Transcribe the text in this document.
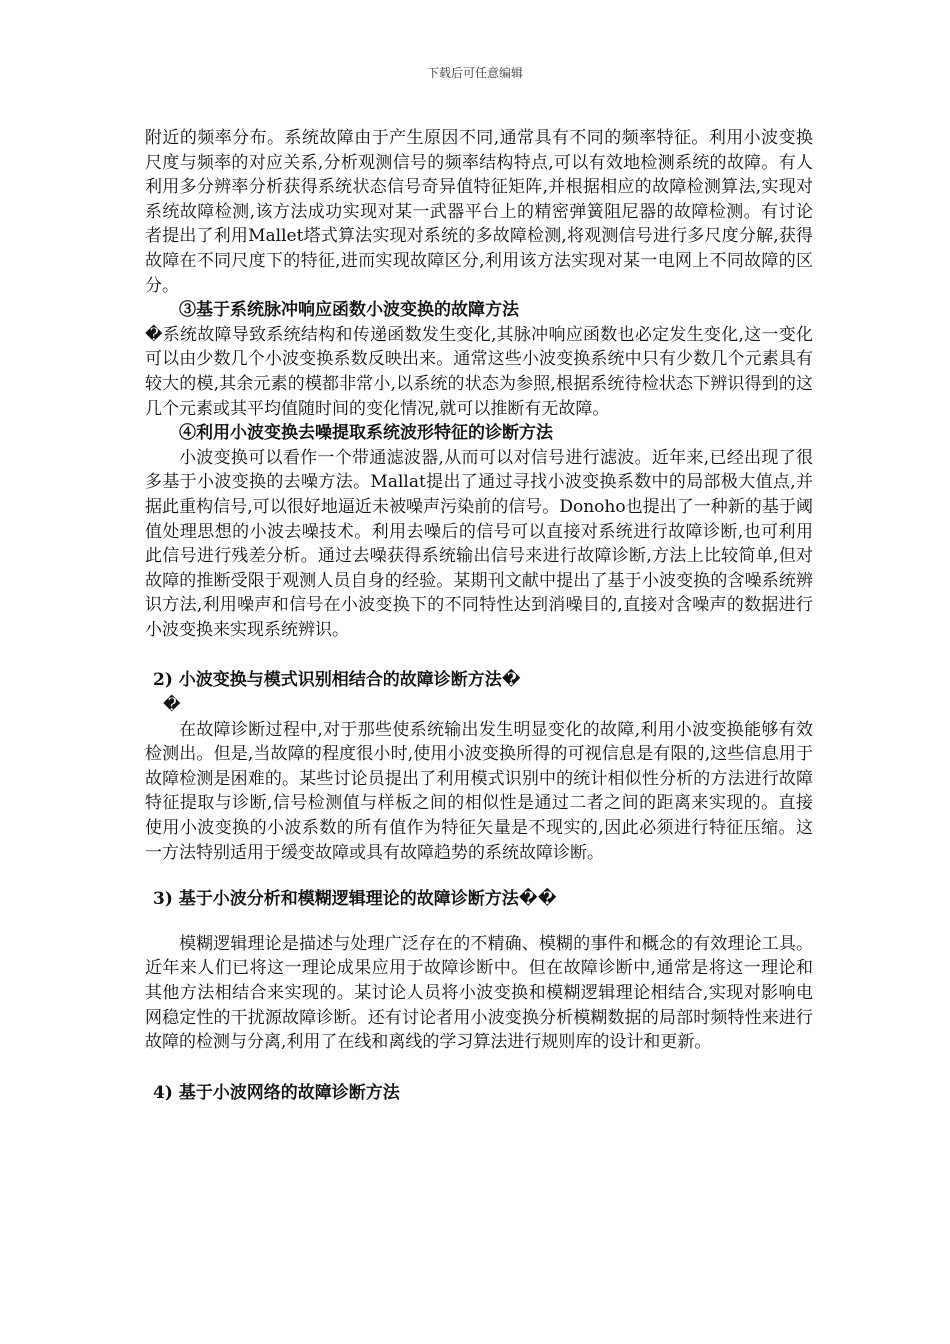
下载后可任意编辑

附近的频率分布。系统故障由于产生原因不同,通常具有不同的频率特征。利用小波变换尺度与频率的对应关系,分析观测信号的频率结构特点,可以有效地检测系统的故障。有人利用多分辨率分析获得系统状态信号奇异值特征矩阵,并根据相应的故障检测算法,实现对系统故障检测,该方法成功实现对某一武器平台上的精密弹簧阻尼器的故障检测。有讨论者提出了利用Mallet塔式算法实现对系统的多故障检测,将观测信号进行多尺度分解,获得故障在不同尺度下的特征,进而实现故障区分,利用该方法实现对某一电网上不同故障的区分。

③基于系统脉冲响应函数小波变换的故障方法

�系统故障导致系统结构和传递函数发生变化,其脉冲响应函数也必定发生变化,这一变化可以由少数几个小波变换系数反映出来。通常这些小波变换系统中只有少数几个元素具有较大的模,其余元素的模都非常小,以系统的状态为参照,根据系统待检状态下辨识得到的这几个元素或其平均值随时间的变化情况,就可以推断有无故障。

④利用小波变换去噪提取系统波形特征的诊断方法

小波变换可以看作一个带通滤波器,从而可以对信号进行滤波。近年来,已经出现了很多基于小波变换的去噪方法。Mallat提出了通过寻找小波变换系数中的局部极大值点,并据此重构信号,可以很好地逼近未被噪声污染前的信号。Donoho也提出了一种新的基于阈值处理思想的小波去噪技术。利用去噪后的信号可以直接对系统进行故障诊断,也可利用此信号进行残差分析。通过去噪获得系统输出信号来进行故障诊断,方法上比较简单,但对故障的推断受限于观测人员自身的经验。某期刊文献中提出了基于小波变换的含噪系统辨识方法,利用噪声和信号在小波变换下的不同特性达到消噪目的,直接对含噪声的数据进行小波变换来实现系统辨识。

2) 小波变换与模式识别相结合的故障诊断方法�

�

在故障诊断过程中,对于那些使系统输出发生明显变化的故障,利用小波变换能够有效检测出。但是,当故障的程度很小时,使用小波变换所得的可视信息是有限的,这些信息用于故障检测是困难的。某些讨论员提出了利用模式识别中的统计相似性分析的方法进行故障特征提取与诊断,信号检测值与样板之间的相似性是通过二者之间的距离来实现的。直接使用小波变换的小波系数的所有值作为特征矢量是不现实的,因此必须进行特征压缩。这一方法特别适用于缓变故障或具有故障趋势的系统故障诊断。

3) 基于小波分析和模糊逻辑理论的故障诊断方法��

模糊逻辑理论是描述与处理广泛存在的不精确、模糊的事件和概念的有效理论工具。近年来人们已将这一理论成果应用于故障诊断中。但在故障诊断中,通常是将这一理论和其他方法相结合来实现的。某讨论人员将小波变换和模糊逻辑理论相结合,实现对影响电网稳定性的干扰源故障诊断。还有讨论者用小波变换分析模糊数据的局部时频特性来进行故障的检测与分离,利用了在线和离线的学习算法进行规则库的设计和更新。

4) 基于小波网络的故障诊断方法
